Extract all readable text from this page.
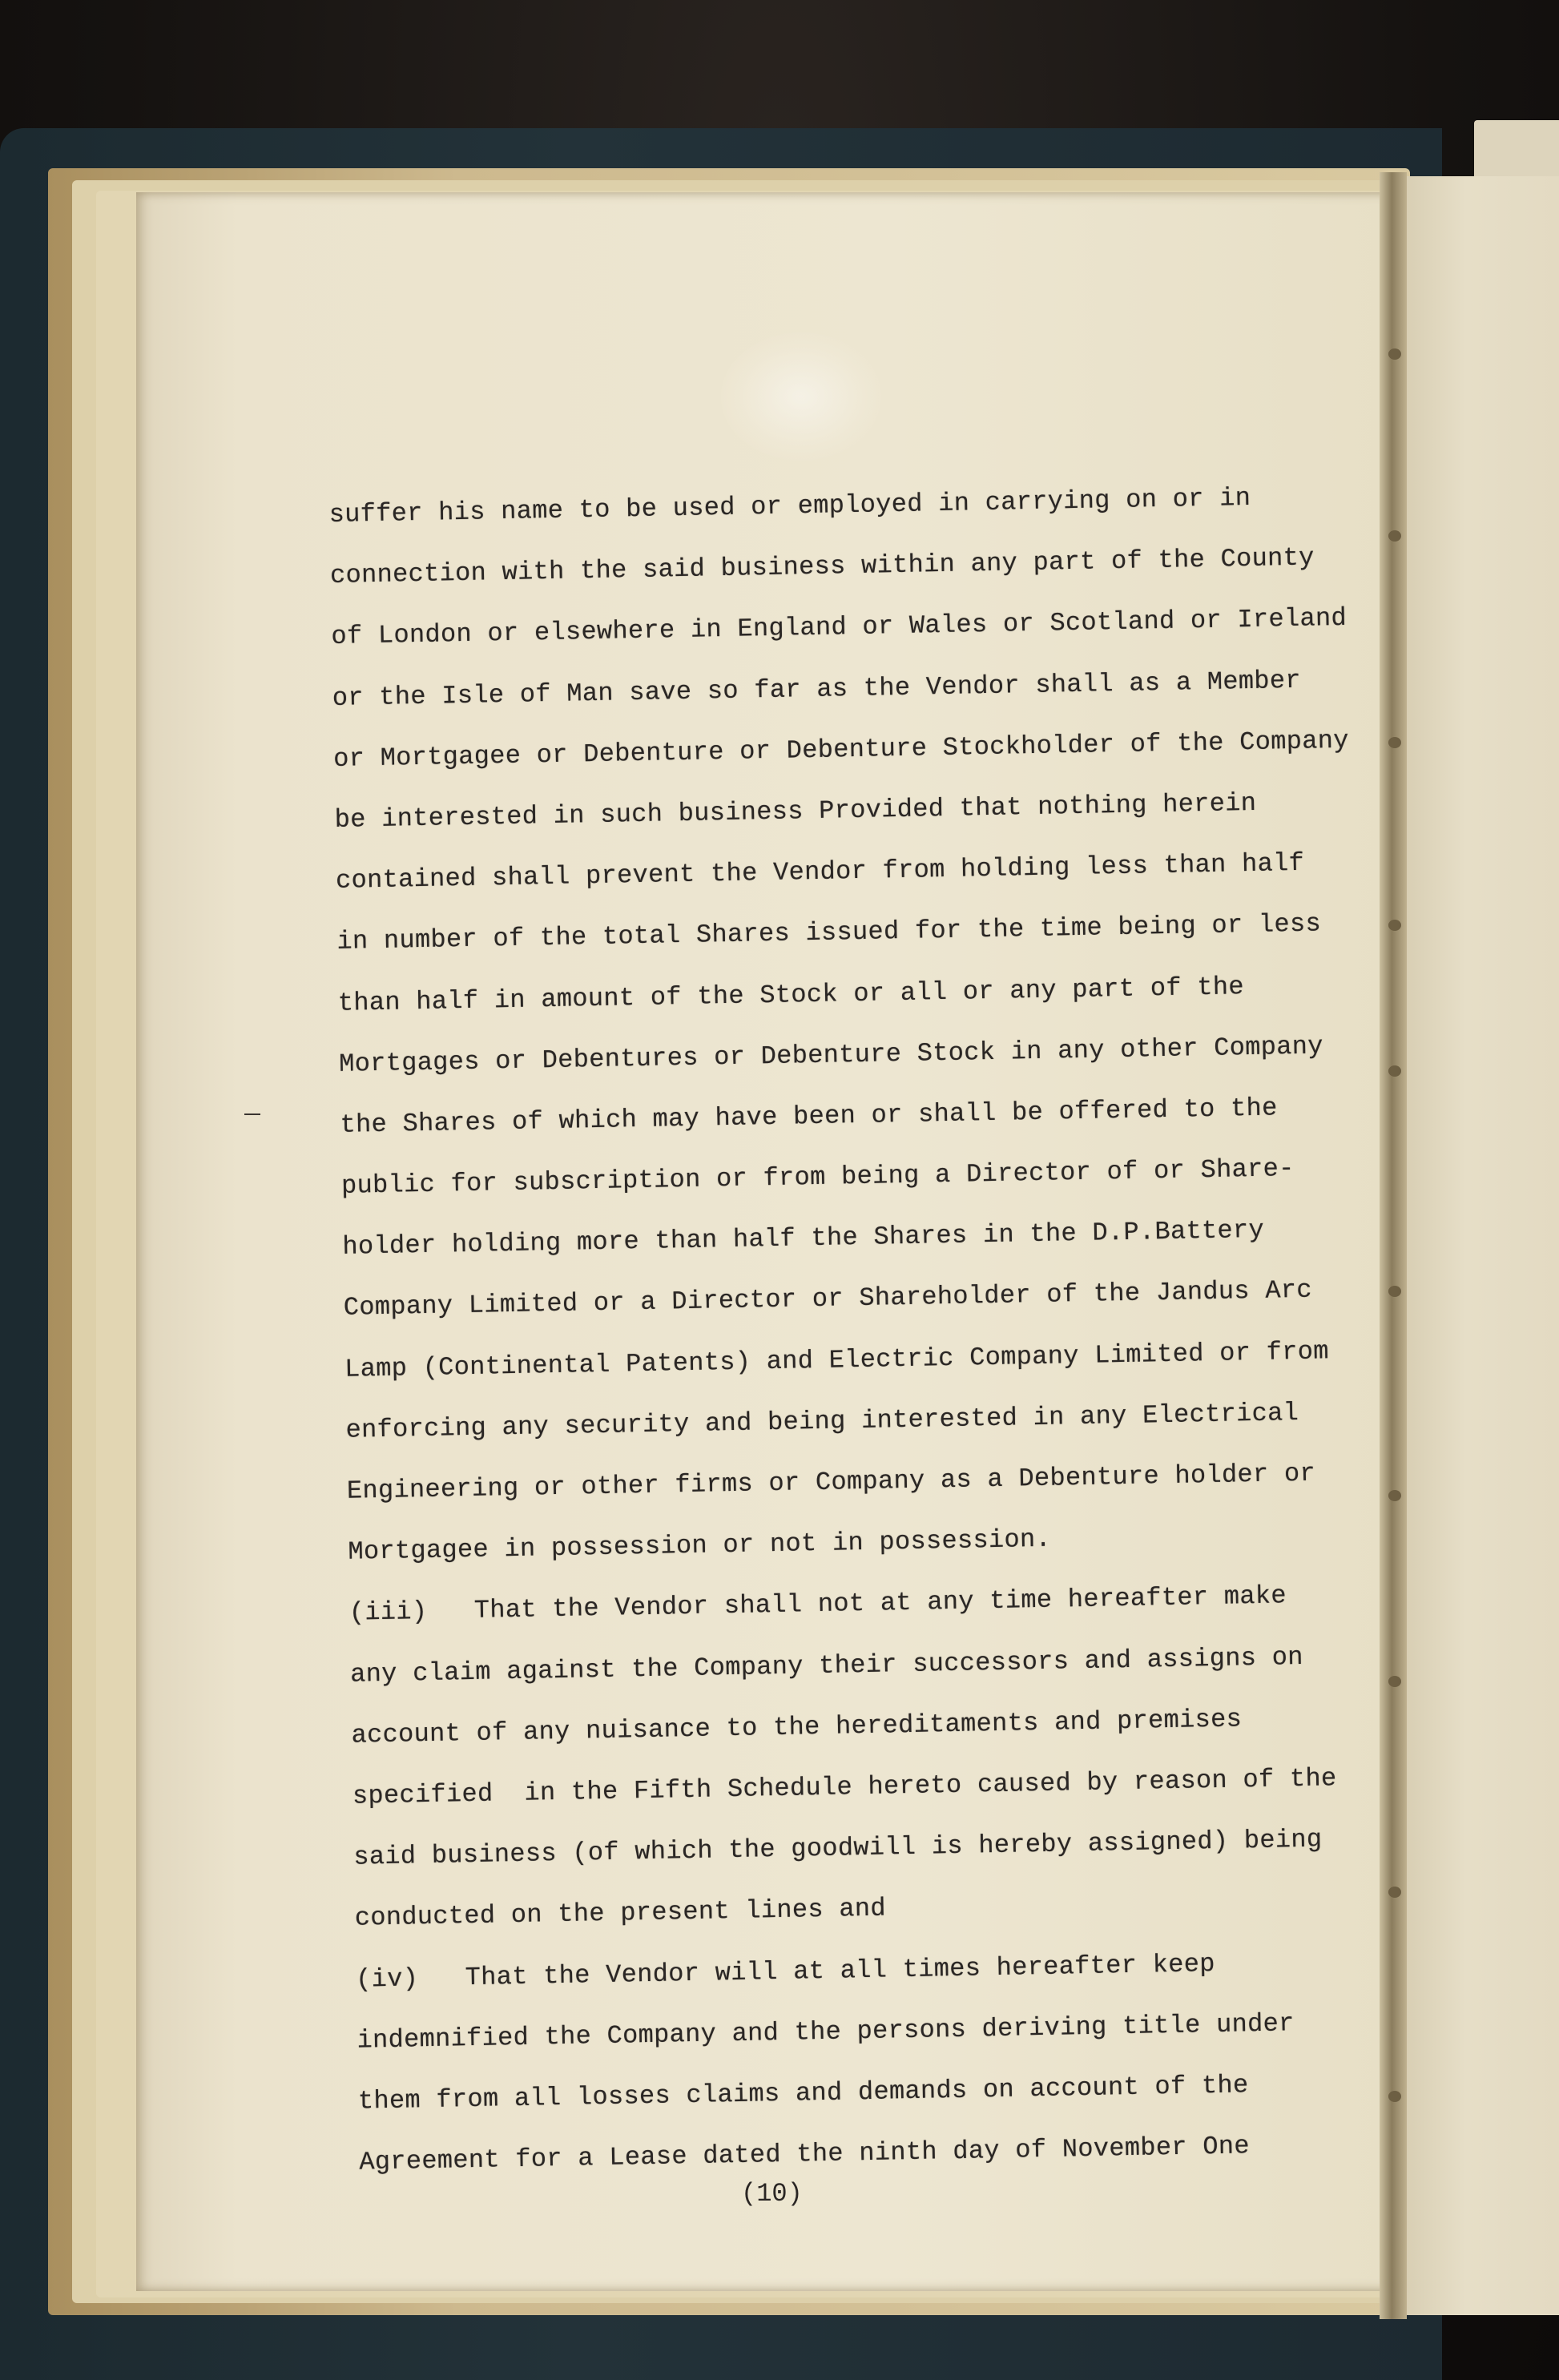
suffer his name to be used or employed in carrying on or in
connection with the said business within any part of the County
of London or elsewhere in England or Wales or Scotland or Ireland
or the Isle of Man save so far as the Vendor shall as a Member
or Mortgagee or Debenture or Debenture Stockholder of the Company
be interested in such business Provided that nothing herein
contained shall prevent the Vendor from holding less than half
in number of the total Shares issued for the time being or less
than half in amount of the Stock or all or any part of the
Mortgages or Debentures or Debenture Stock in any other Company
the Shares of which may have been or shall be offered to the
public for subscription or from being a Director of or Share-
holder holding more than half the Shares in the D.P.Battery
Company Limited or a Director or Shareholder of the Jandus Arc
Lamp (Continental Patents) and Electric Company Limited or from
enforcing any security and being interested in any Electrical
Engineering or other firms or Company as a Debenture holder or
Mortgagee in possession or not in possession.
(iii)   That the Vendor shall not at any time hereafter make
any claim against the Company their successors and assigns on
account of any nuisance to the hereditaments and premises
specified  in the Fifth Schedule hereto caused by reason of the
said business (of which the goodwill is hereby assigned) being
conducted on the present lines and
(iv)   That the Vendor will at all times hereafter keep
indemnified the Company and the persons deriving title under
them from all losses claims and demands on account of the
Agreement for a Lease dated the ninth day of November One
(10)
